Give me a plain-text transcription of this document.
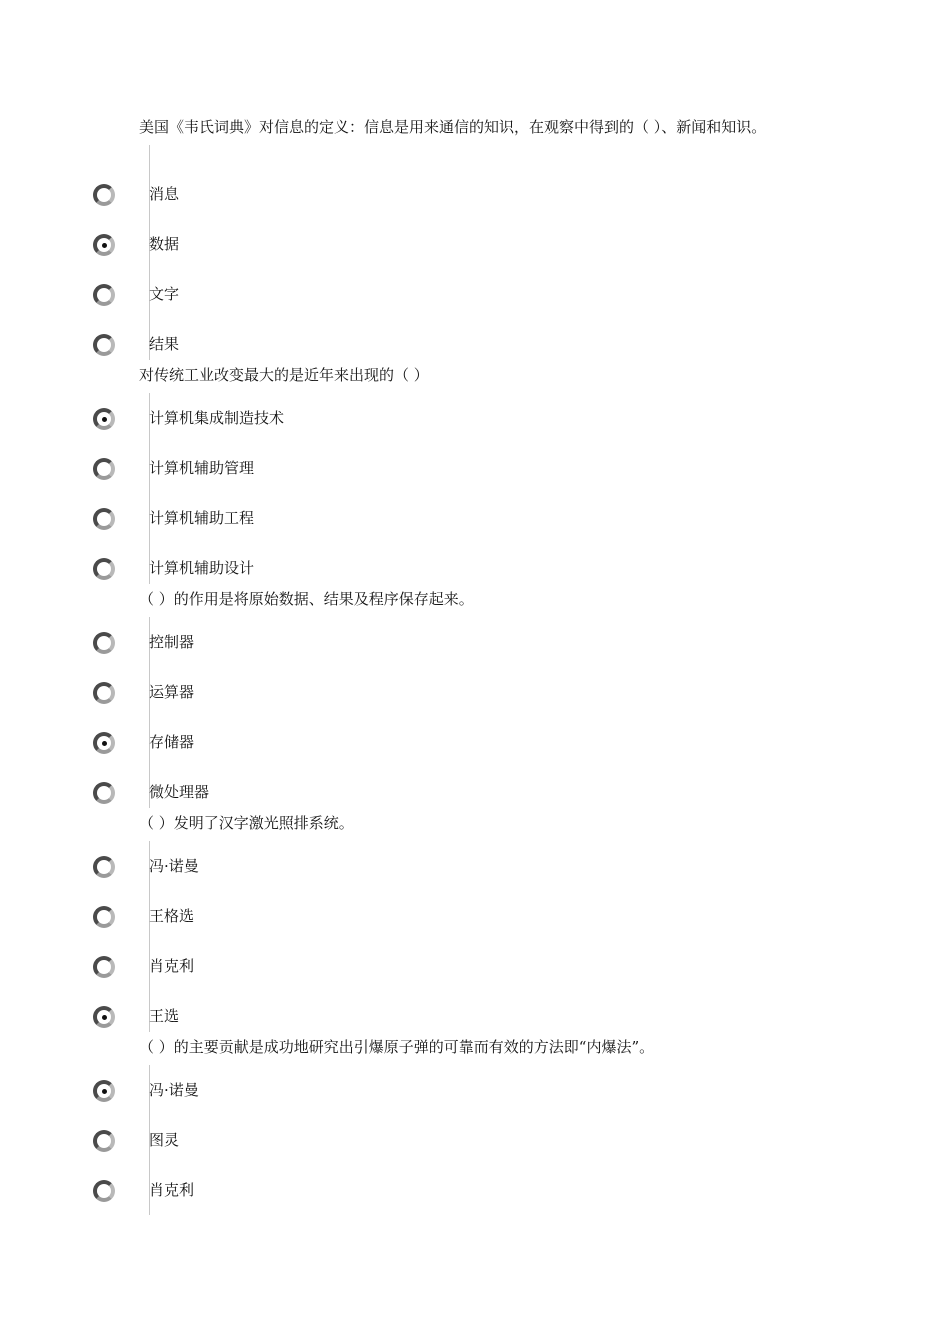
美国《韦氏词典》对信息的定义：信息是用来通信的知识，在观察中得到的（ ）、新闻和知识。

消息
数据
文字
结果

对传统工业改变最大的是近年来出现的（ ）

计算机集成制造技术
计算机辅助管理
计算机辅助工程
计算机辅助设计

（ ）的作用是将原始数据、结果及程序保存起来。

控制器
运算器
存储器
微处理器

（ ）发明了汉字激光照排系统。

冯·诺曼
王格选
肖克利
王选

（ ）的主要贡献是成功地研究出引爆原子弹的可靠而有效的方法即“内爆法”。

冯·诺曼
图灵
肖克利
